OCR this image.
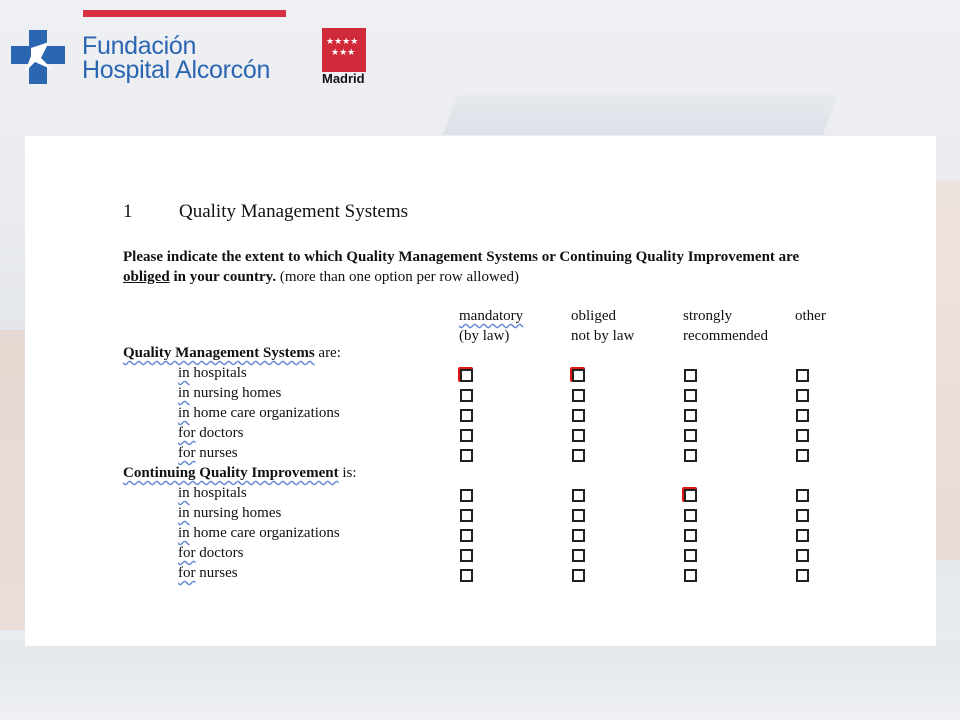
Fundación
Hospital Alcorcón
★★★★
★★★
Madrid
1 Quality Management Systems
Please indicate the extent to which Quality Management Systems or Continuing Quality Improvement are obliged in your country. (more than one option per row allowed)
mandatory
(by law)
obliged
not by law
strongly
recommended
other
Quality Management Systems are:
in hospitals
in nursing homes
in home care organizations
for doctors
for nurses
Continuing Quality Improvement is:
in hospitals
in nursing homes
in home care organizations
for doctors
for nurses
